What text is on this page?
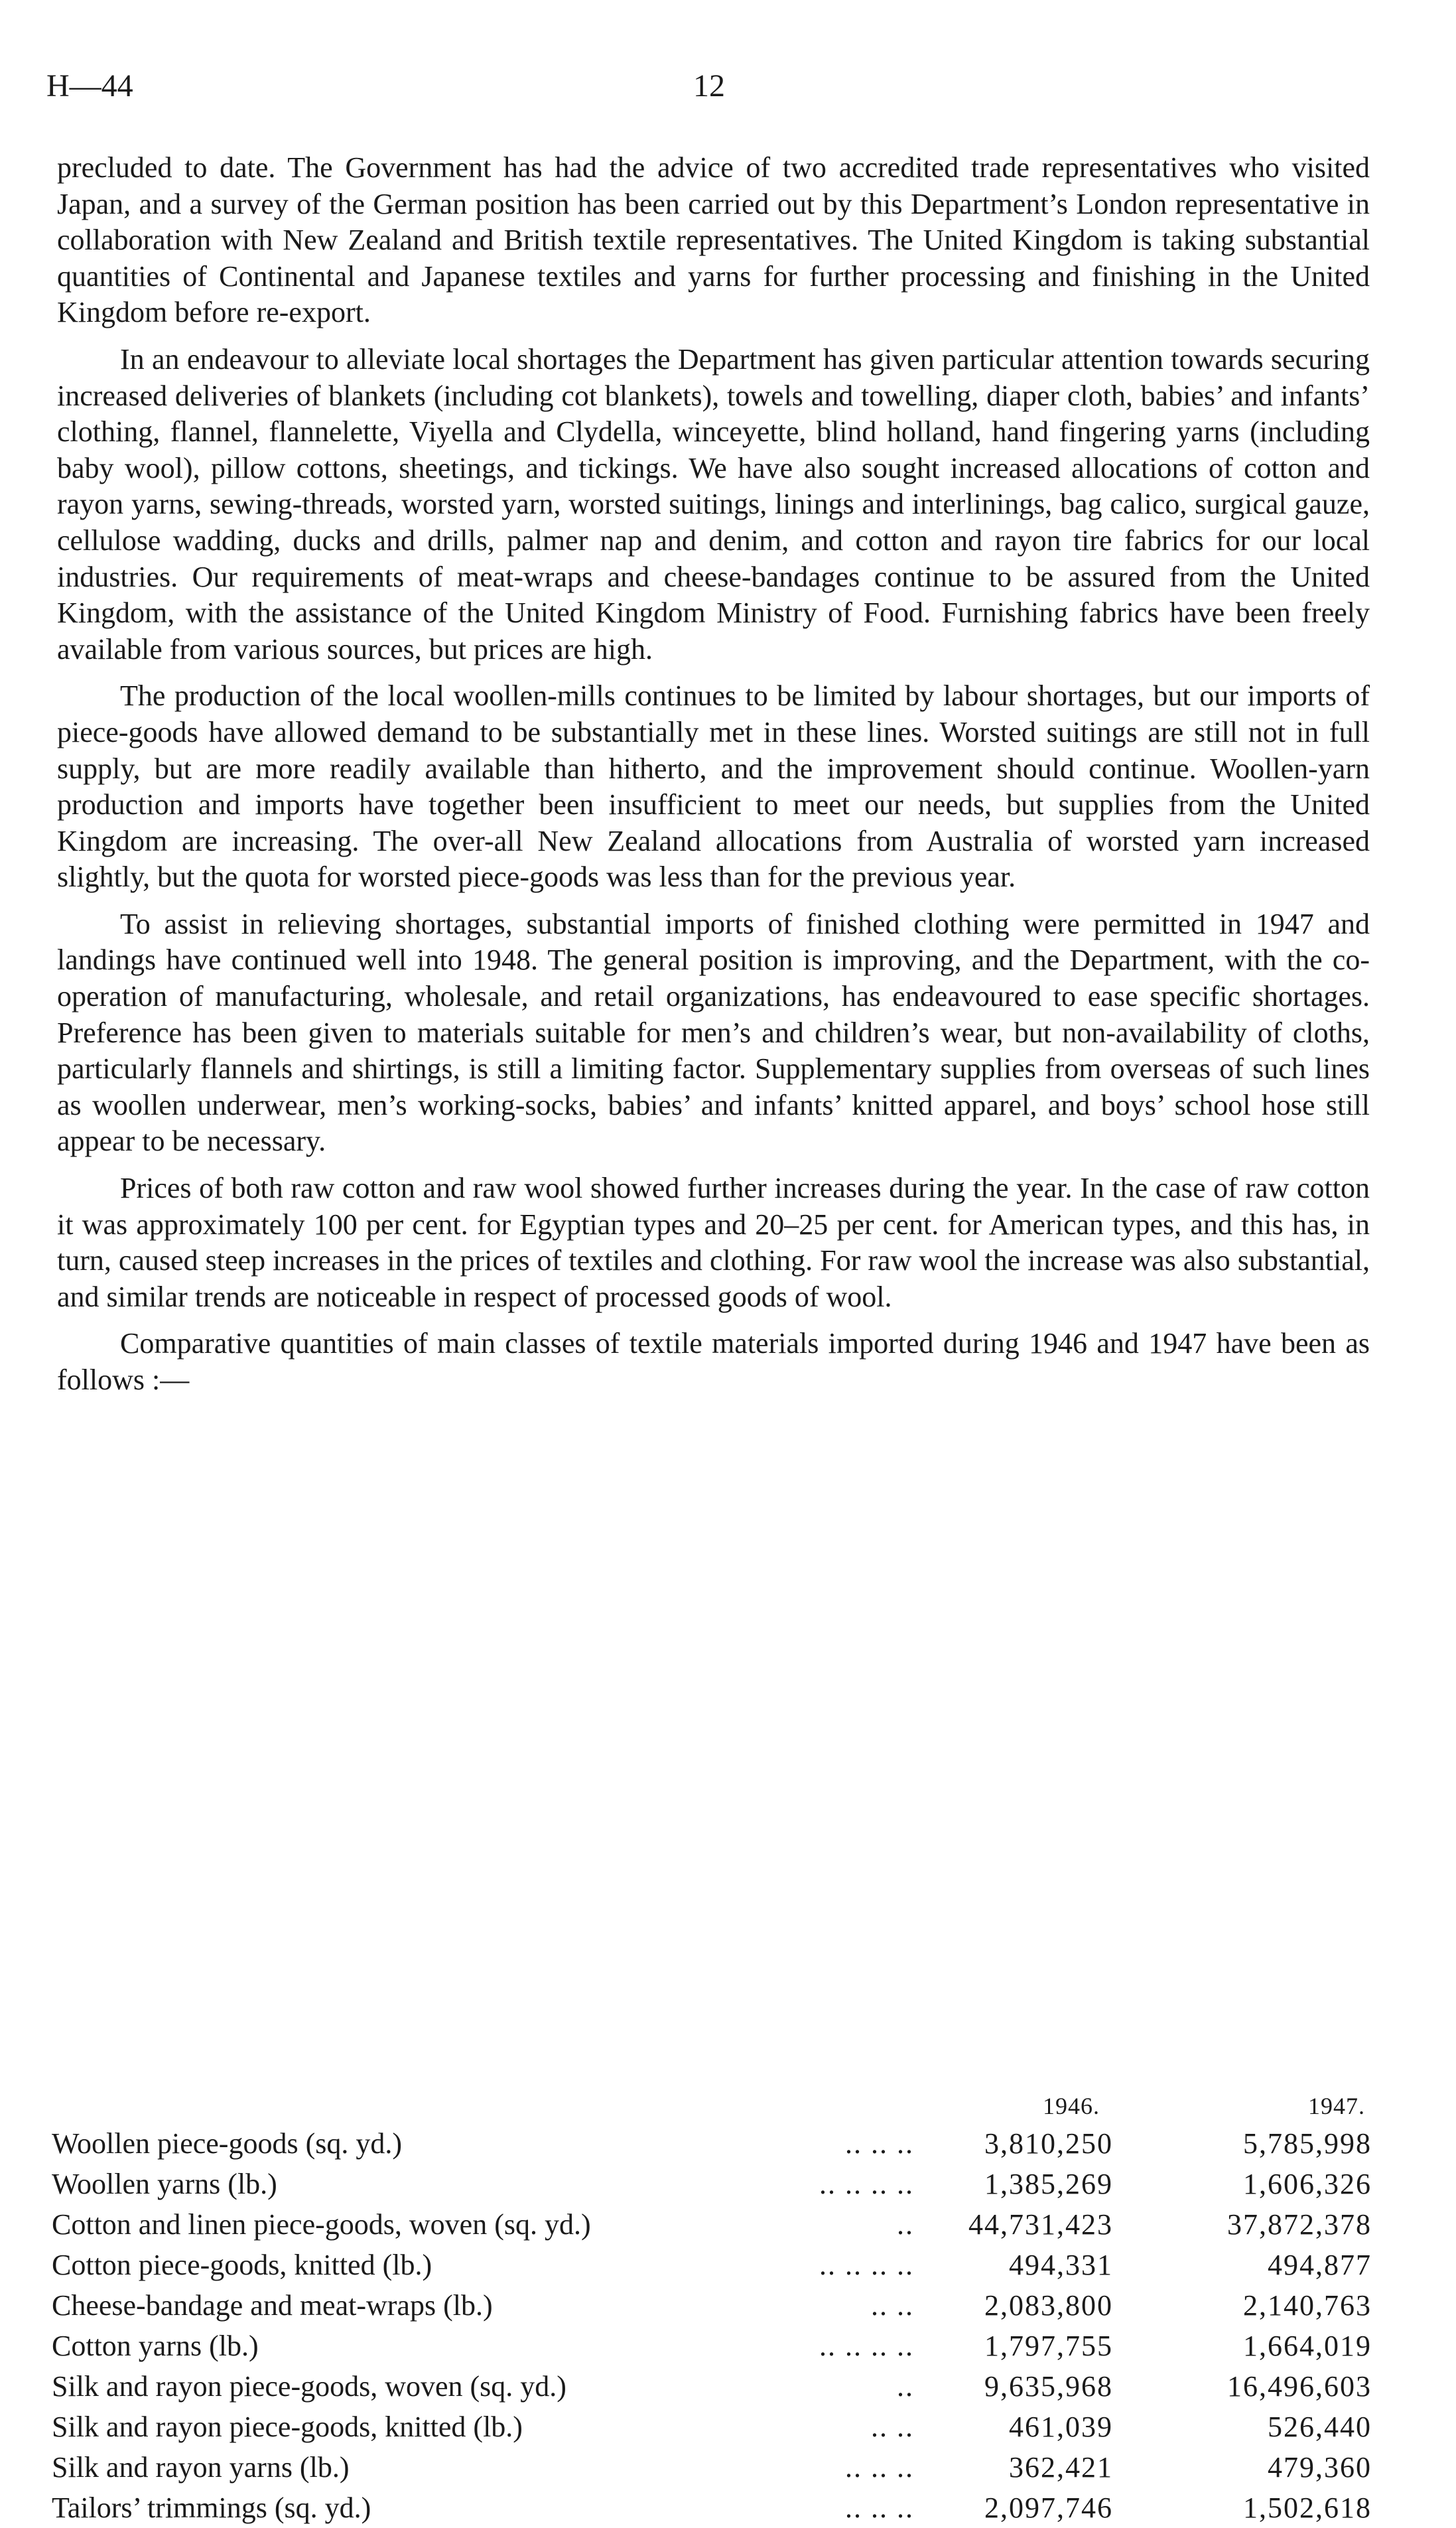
H—44	12

precluded to date. The Government has had the advice of two accredited trade representatives who visited Japan, and a survey of the German position has been carried out by this Department’s London representative in collaboration with New Zealand and British textile representatives. The United Kingdom is taking substantial quantities of Continental and Japanese textiles and yarns for further processing and finishing in the United Kingdom before re-export.

In an endeavour to alleviate local shortages the Department has given particular attention towards securing increased deliveries of blankets (including cot blankets), towels and towelling, diaper cloth, babies’ and infants’ clothing, flannel, flannelette, Viyella and Clydella, winceyette, blind holland, hand fingering yarns (including baby wool), pillow cottons, sheetings, and tickings. We have also sought increased allocations of cotton and rayon yarns, sewing-threads, worsted yarn, worsted suitings, linings and interlinings, bag calico, surgical gauze, cellulose wadding, ducks and drills, palmer nap and denim, and cotton and rayon tire fabrics for our local industries. Our requirements of meat-wraps and cheese-bandages continue to be assured from the United Kingdom, with the assistance of the United Kingdom Ministry of Food. Furnishing fabrics have been freely available from various sources, but prices are high.

The production of the local woollen-mills continues to be limited by labour shortages, but our imports of piece-goods have allowed demand to be substantially met in these lines. Worsted suitings are still not in full supply, but are more readily available than hitherto, and the improvement should continue. Woollen-yarn production and imports have together been insufficient to meet our needs, but supplies from the United Kingdom are increasing. The over-all New Zealand allocations from Australia of worsted yarn increased slightly, but the quota for worsted piece-goods was less than for the previous year.

To assist in relieving shortages, substantial imports of finished clothing were permitted in 1947 and landings have continued well into 1948. The general position is improving, and the Department, with the co-operation of manufacturing, wholesale, and retail organizations, has endeavoured to ease specific shortages. Preference has been given to materials suitable for men’s and children’s wear, but non-availability of cloths, particularly flannels and shirtings, is still a limiting factor. Supplementary supplies from overseas of such lines as woollen underwear, men’s working-socks, babies’ and infants’ knitted apparel, and boys’ school hose still appear to be necessary.

Prices of both raw cotton and raw wool showed further increases during the year. In the case of raw cotton it was approximately 100 per cent. for Egyptian types and 20–25 per cent. for American types, and this has, in turn, caused steep increases in the prices of textiles and clothing. For raw wool the increase was also substantial, and similar trends are noticeable in respect of processed goods of wool.

Comparative quantities of main classes of textile materials imported during 1946 and 1947 have been as follows :—

1946.	1947.
Woollen piece-goods (sq. yd.)	.. .. ..	3,810,250	5,785,998
Woollen yarns (lb.)	.. .. .. ..	1,385,269	1,606,326
Cotton and linen piece-goods, woven (sq. yd.)	..	44,731,423	37,872,378
Cotton piece-goods, knitted (lb.)	.. .. .. ..	494,331	494,877
Cheese-bandage and meat-wraps (lb.)	.. ..	2,083,800	2,140,763
Cotton yarns (lb.)	.. .. .. ..	1,797,755	1,664,019
Silk and rayon piece-goods, woven (sq. yd.)	..	9,635,968	16,496,603
Silk and rayon piece-goods, knitted (lb.)	.. ..	461,039	526,440
Silk and rayon yarns (lb.)	.. .. ..	362,421	479,360
Tailors’ trimmings (sq. yd.)	.. .. ..	2,097,746	1,502,618
